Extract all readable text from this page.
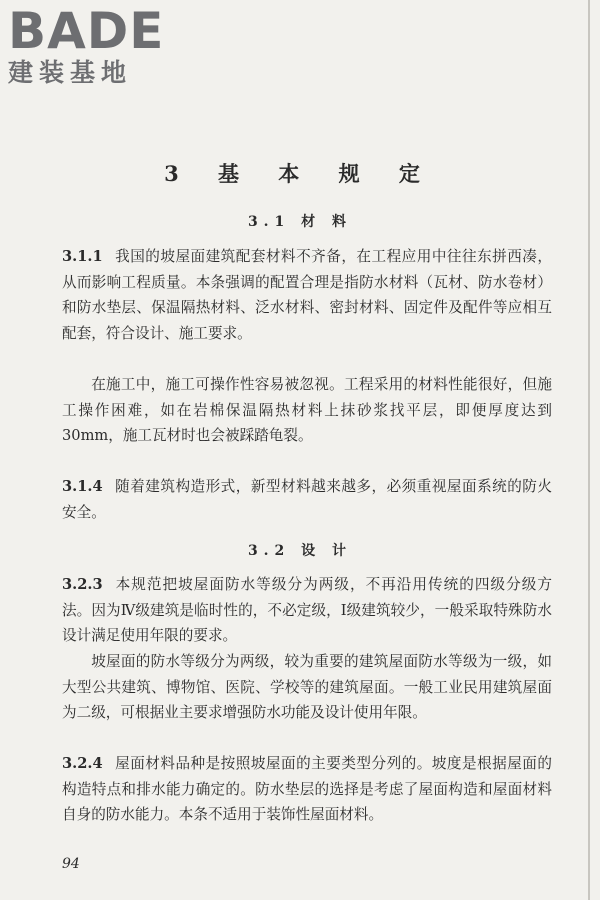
BADE
建装基地
3 基 本 规 定
3.1 材 料

3.1.1 我国的坡屋面建筑配套材料不齐备，在工程应用中往往东拼西凑，从而影响工程质量。本条强调的配置合理是指防水材料（瓦材、防水卷材）和防水垫层、保温隔热材料、泛水材料、密封材料、固定件及配件等应相互配套，符合设计、施工要求。

在施工中，施工可操作性容易被忽视。工程采用的材料性能很好，但施工操作困难，如在岩棉保温隔热材料上抹砂浆找平层，即便厚度达到30mm，施工瓦材时也会被踩踏龟裂。

3.1.4 随着建筑构造形式，新型材料越来越多，必须重视屋面系统的防火安全。

3.2 设 计

3.2.3 本规范把坡屋面防水等级分为两级，不再沿用传统的四级分级方法。因为Ⅳ级建筑是临时性的，不必定级，Ⅰ级建筑较少，一般采取特殊防水设计满足使用年限的要求。

坡屋面的防水等级分为两级，较为重要的建筑屋面防水等级为一级，如大型公共建筑、博物馆、医院、学校等的建筑屋面。一般工业民用建筑屋面为二级，可根据业主要求增强防水功能及设计使用年限。

3.2.4 屋面材料品种是按照坡屋面的主要类型分列的。坡度是根据屋面的构造特点和排水能力确定的。防水垫层的选择是考虑了屋面构造和屋面材料自身的防水能力。本条不适用于装饰性屋面材料。

94
